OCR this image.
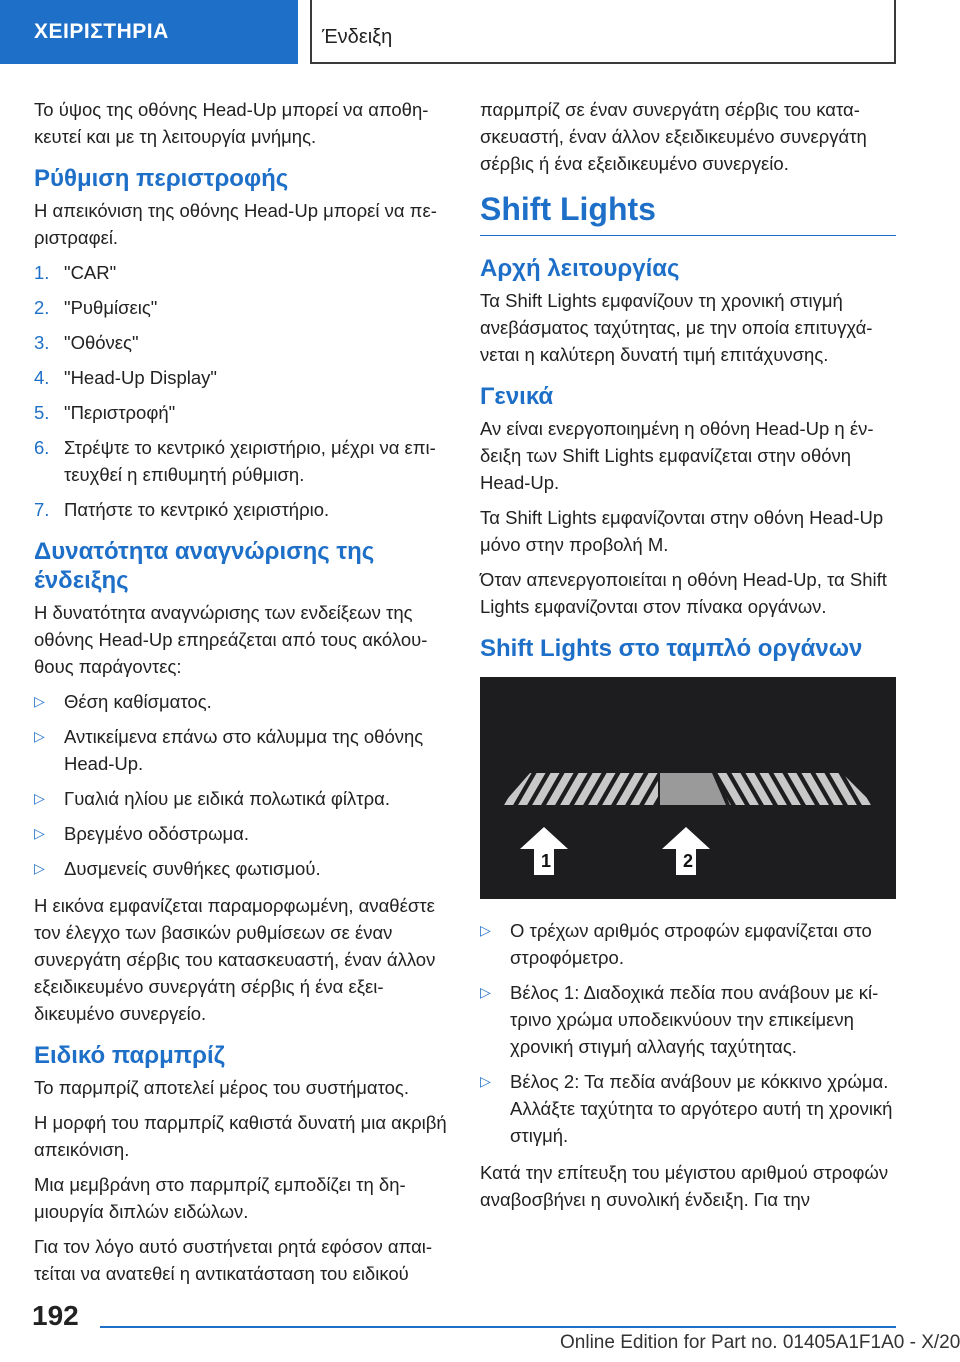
ΧΕΙΡΙΣΤΗΡΙΑ	Ένδειξη

Το ύψος της οθόνης Head-Up μπορεί να αποθηκευτεί και με τη λειτουργία μνήμης.

Ρύθμιση περιστροφής

Η απεικόνιση της οθόνης Head-Up μπορεί να περιστραφεί.

1. "CAR"
2. "Ρυθμίσεις"
3. "Οθόνες"
4. "Head-Up Display"
5. "Περιστροφή"
6. Στρέψτε το κεντρικό χειριστήριο, μέχρι να επιτευχθεί η επιθυμητή ρύθμιση.
7. Πατήστε το κεντρικό χειριστήριο.
Δυνατότητα αναγνώρισης της ένδειξης

Η δυνατότητα αναγνώρισης των ενδείξεων της οθόνης Head-Up επηρεάζεται από τους ακόλουθους παράγοντες:

▷ Θέση καθίσματος.
▷ Αντικείμενα επάνω στο κάλυμμα της οθόνης Head-Up.
▷ Γυαλιά ηλίου με ειδικά πολωτικά φίλτρα.
▷ Βρεγμένο οδόστρωμα.
▷ Δυσμενείς συνθήκες φωτισμού.

Η εικόνα εμφανίζεται παραμορφωμένη, αναθέστε τον έλεγχο των βασικών ρυθμίσεων σε έναν συνεργάτη σέρβις του κατασκευαστή, έναν άλλον εξειδικευμένο συνεργάτη σέρβις ή ένα εξειδικευμένο συνεργείο.

Ειδικό παρμπρίζ

Το παρμπρίζ αποτελεί μέρος του συστήματος.

Η μορφή του παρμπρίζ καθιστά δυνατή μια ακριβή απεικόνιση.

Μια μεμβράνη στο παρμπρίζ εμποδίζει τη δημιουργία διπλών ειδώλων.

Για τον λόγο αυτό συστήνεται ρητά εφόσον απαιτείται να ανατεθεί η αντικατάσταση του ειδικού

παρμπρίζ σε έναν συνεργάτη σέρβις του κατασκευαστή, έναν άλλον εξειδικευμένο συνεργάτη σέρβις ή ένα εξειδικευμένο συνεργείο.

Shift Lights
Αρχή λειτουργίας

Τα Shift Lights εμφανίζουν τη χρονική στιγμή ανεβάσματος ταχύτητας, με την οποία επιτυγχάνεται η καλύτερη δυνατή τιμή επιτάχυνσης.

Γενικά

Αν είναι ενεργοποιημένη η οθόνη Head-Up η ένδειξη των Shift Lights εμφανίζεται στην οθόνη Head-Up.

Τα Shift Lights εμφανίζονται στην οθόνη Head-Up μόνο στην προβολή M.

Όταν απενεργοποιείται η οθόνη Head-Up, τα Shift Lights εμφανίζονται στον πίνακα οργάνων.

Shift Lights στο ταμπλό οργάνων
1	2
▷ Ο τρέχων αριθμός στροφών εμφανίζεται στο στροφόμετρο.
▷ Βέλος 1: Διαδοχικά πεδία που ανάβουν με κίτρινο χρώμα υποδεικνύουν την επικείμενη χρονική στιγμή αλλαγής ταχύτητας.
▷ Βέλος 2: Τα πεδία ανάβουν με κόκκινο χρώμα. Αλλάξτε ταχύτητα το αργότερο αυτή τη χρονική στιγμή.

Κατά την επίτευξη του μέγιστου αριθμού στροφών αναβοσβήνει η συνολική ένδειξη. Για την

192
Online Edition for Part no. 01405A1F1A0 - X/20
